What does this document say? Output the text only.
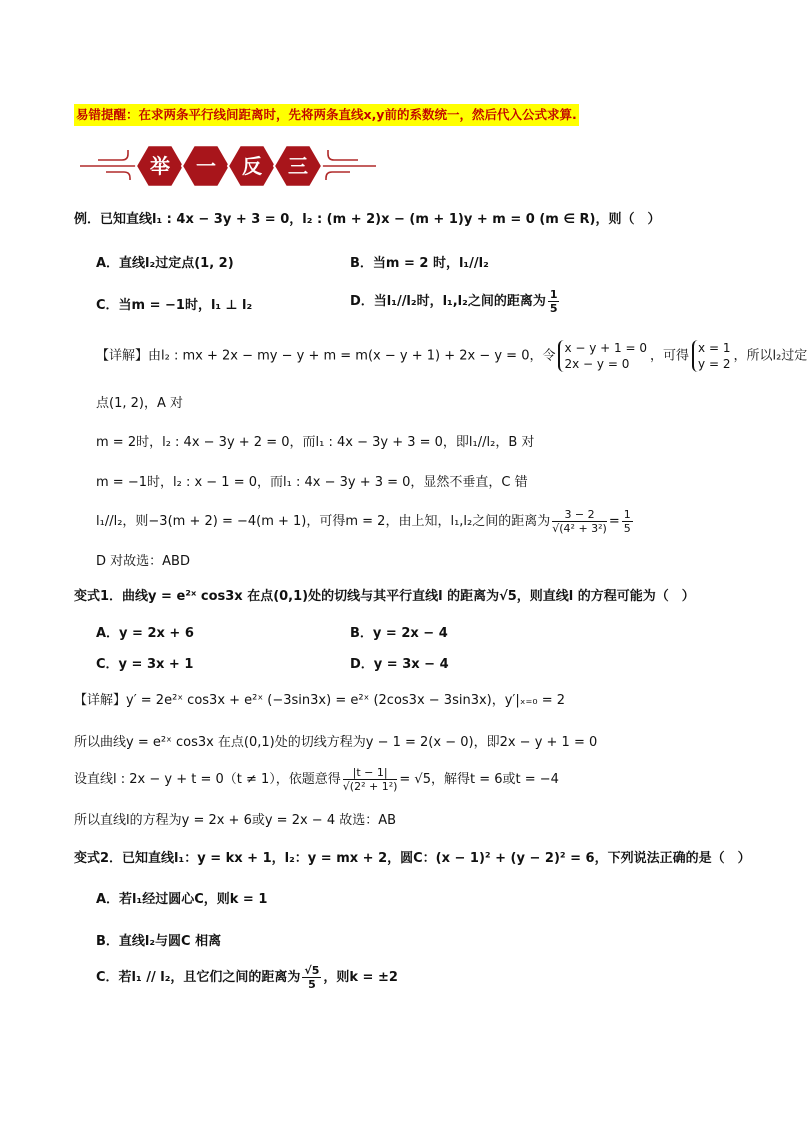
易错提醒：在求两条平行线间距离时，先将两条直线x,y前的系数统一，然后代入公式求算.
举 一 反 三
例．已知直线l₁ : 4x − 3y + 3 = 0，l₂ : (m + 2)x − (m + 1)y + m = 0 (m ∈ R)，则（　）
A．直线l₂过定点(1, 2)	B．当m = 2 时，l₁//l₂
C．当m = −1时，l₁ ⊥ l₂	D．当l₁//l₂时，l₁,l₂之间的距离为 $\frac{1}{5}$
【详解】由l₂ : mx + 2x − my − y + m = m(x − y + 1) + 2x − y = 0，令
x − y + 1 = 0
2x − y = 0
，可得
x = 1
y = 2
，所以l₂过定
点(1, 2)，A 对
m = 2时，l₂ : 4x − 3y + 2 = 0，而l₁ : 4x − 3y + 3 = 0，即l₁//l₂，B 对
m = −1时，l₂ : x − 1 = 0，而l₁ : 4x − 3y + 3 = 0，显然不垂直，C 错
l₁//l₂，则−3(m + 2) = −4(m + 1)，可得m = 2，由上知，l₁,l₂之间的距离为 $\frac{3 - 2}{\text{√(4² + 3²)}} = \frac{1}{5}$
D 对故选：ABD
变式1．曲线y = e²ˣ cos3x 在点(0,1)处的切线与其平行直线l 的距离为√5，则直线l 的方程可能为（　）
A．y = 2x + 6	B．y = 2x − 4
C．y = 3x + 1	D．y = 3x − 4
【详解】y′ = 2e²ˣ cos3x + e²ˣ (−3sin3x) = e²ˣ (2cos3x − 3sin3x)，y′|ₓ₌₀ = 2
所以曲线y = e²ˣ cos3x 在点(0,1)处的切线方程为y − 1 = 2(x − 0)，即2x − y + 1 = 0
设直线l : 2x − y + t = 0（t ≠ 1），依题意得 $\frac{|t - 1|}{\text{√(2² + 1²)}} = √5$，解得t = 6或t = −4
所以直线l的方程为y = 2x + 6或y = 2x − 4 故选：AB
变式2．已知直线l₁：y = kx + 1，l₂：y = mx + 2，圆C：(x − 1)² + (y − 2)² = 6，下列说法正确的是（　）
A．若l₁经过圆心C，则k = 1
B．直线l₂与圆C 相离
C．若l₁ // l₂，且它们之间的距离为 $\frac{√5}{5}$ ，则k = ±2
